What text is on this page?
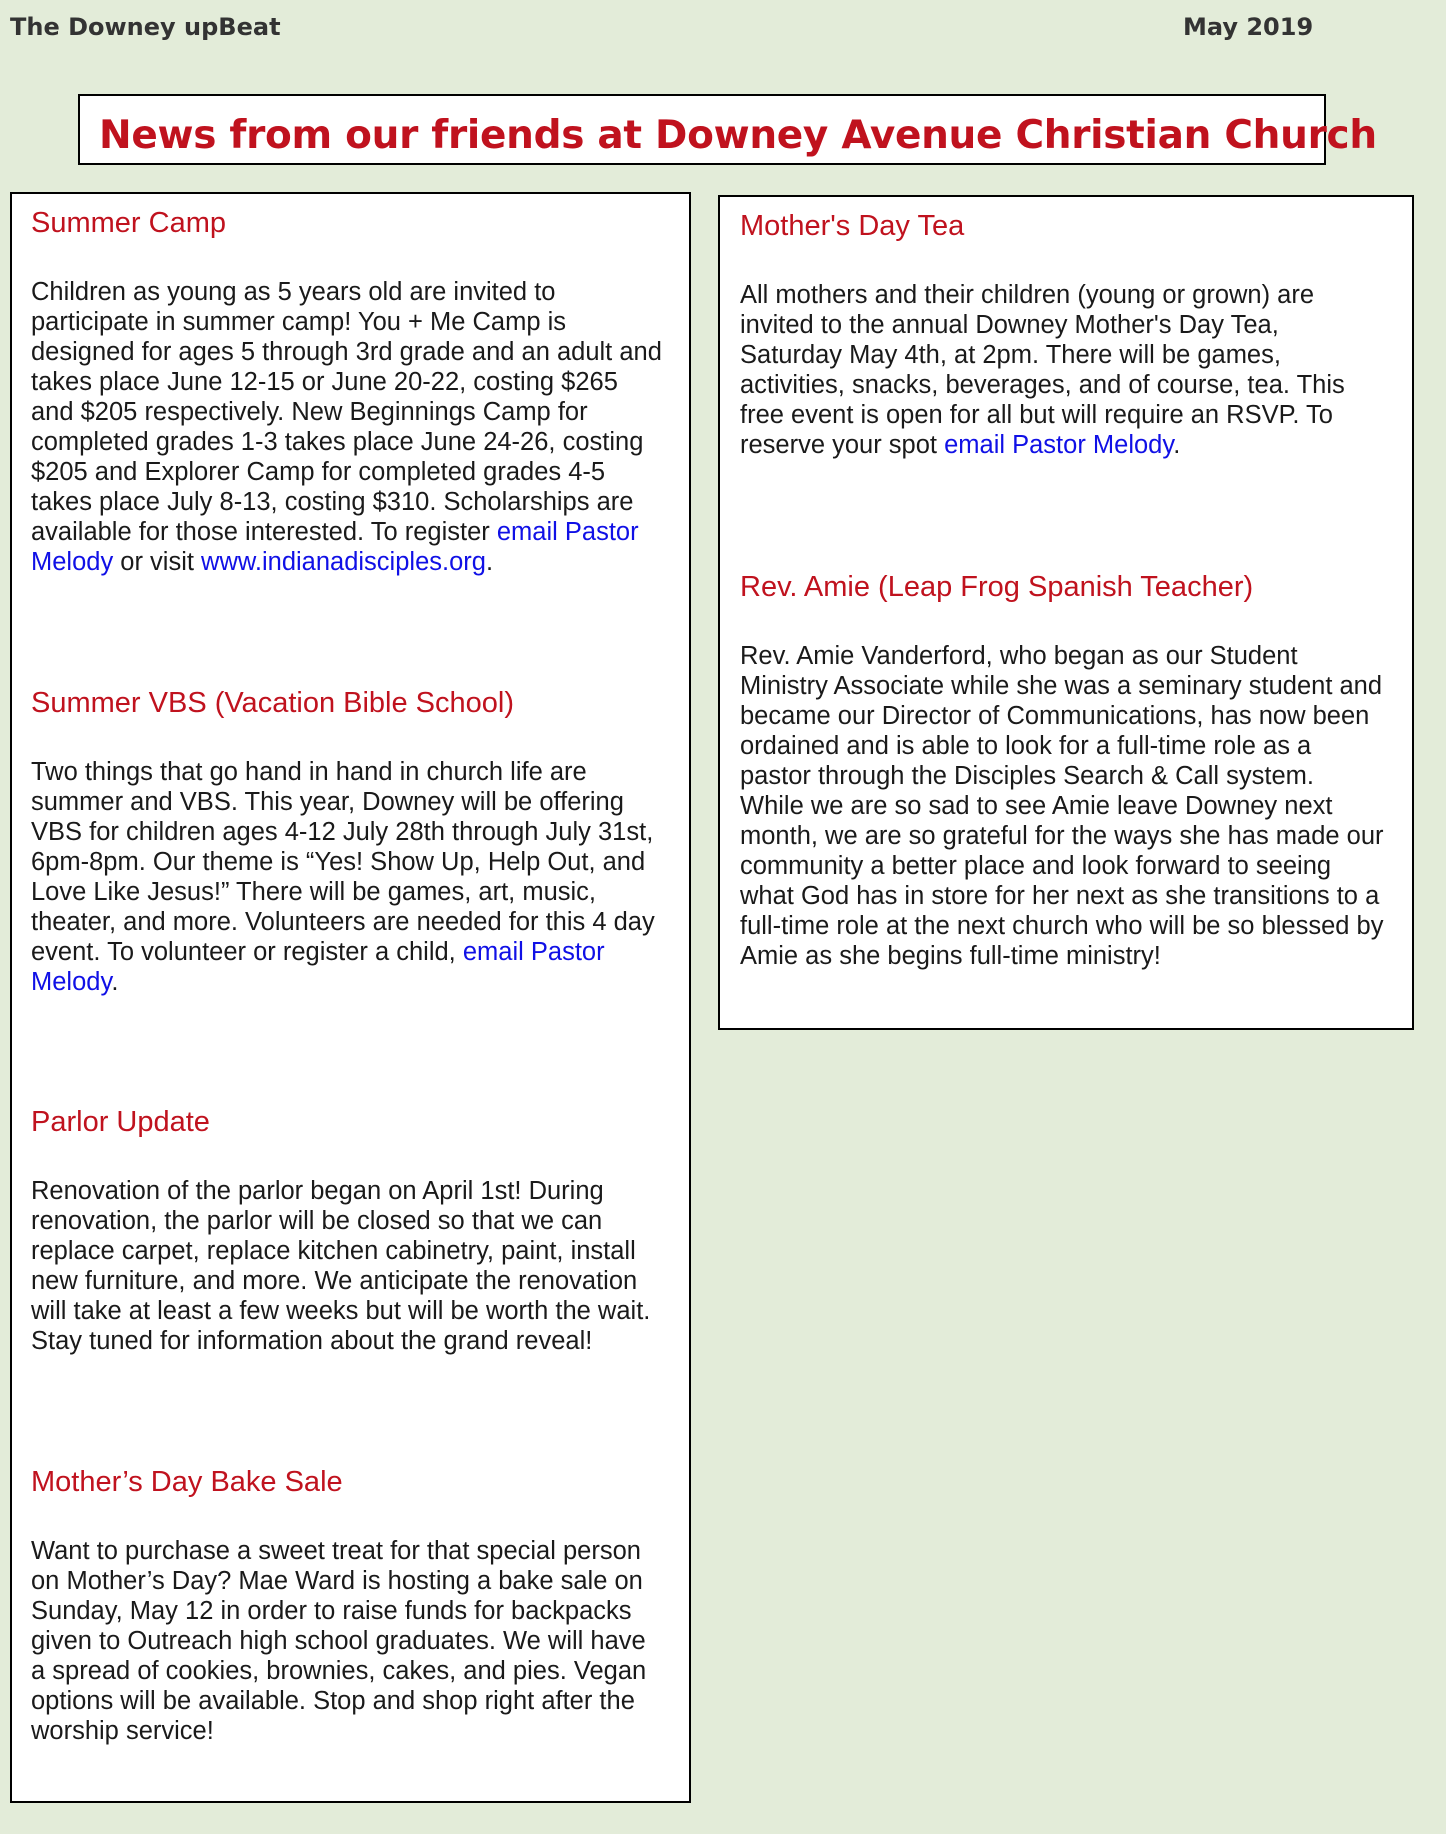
The Downey upBeat	May 2019
News from our friends at Downey Avenue Christian Church
Summer Camp
Children as young as 5 years old are invited to
participate in summer camp! You + Me Camp is
designed for ages 5 through 3rd grade and an adult and
takes place June 12-15 or June 20-22, costing $265
and $205 respectively. New Beginnings Camp for
completed grades 1-3 takes place June 24-26, costing
$205 and Explorer Camp for completed grades 4-5
takes place July 8-13, costing $310. Scholarships are
available for those interested. To register email Pastor
Melody or visit www.indianadisciples.org.
Summer VBS (Vacation Bible School)
Two things that go hand in hand in church life are
summer and VBS. This year, Downey will be offering
VBS for children ages 4-12 July 28th through July 31st,
6pm-8pm. Our theme is “Yes! Show Up, Help Out, and
Love Like Jesus!” There will be games, art, music,
theater, and more. Volunteers are needed for this 4 day
event. To volunteer or register a child, email Pastor
Melody.
Parlor Update
Renovation of the parlor began on April 1st! During
renovation, the parlor will be closed so that we can
replace carpet, replace kitchen cabinetry, paint, install
new furniture, and more. We anticipate the renovation
will take at least a few weeks but will be worth the wait.
Stay tuned for information about the grand reveal!
Mother’s Day Bake Sale
Want to purchase a sweet treat for that special person
on Mother’s Day? Mae Ward is hosting a bake sale on
Sunday, May 12 in order to raise funds for backpacks
given to Outreach high school graduates. We will have
a spread of cookies, brownies, cakes, and pies. Vegan
options will be available. Stop and shop right after the
worship service!
Mother's Day Tea
All mothers and their children (young or grown) are
invited to the annual Downey Mother's Day Tea,
Saturday May 4th, at 2pm. There will be games,
activities, snacks, beverages, and of course, tea. This
free event is open for all but will require an RSVP. To
reserve your spot email Pastor Melody.
Rev. Amie (Leap Frog Spanish Teacher)
Rev. Amie Vanderford, who began as our Student
Ministry Associate while she was a seminary student and
became our Director of Communications, has now been
ordained and is able to look for a full-time role as a
pastor through the Disciples Search & Call system.
While we are so sad to see Amie leave Downey next
month, we are so grateful for the ways she has made our
community a better place and look forward to seeing
what God has in store for her next as she transitions to a
full-time role at the next church who will be so blessed by
Amie as she begins full-time ministry!
